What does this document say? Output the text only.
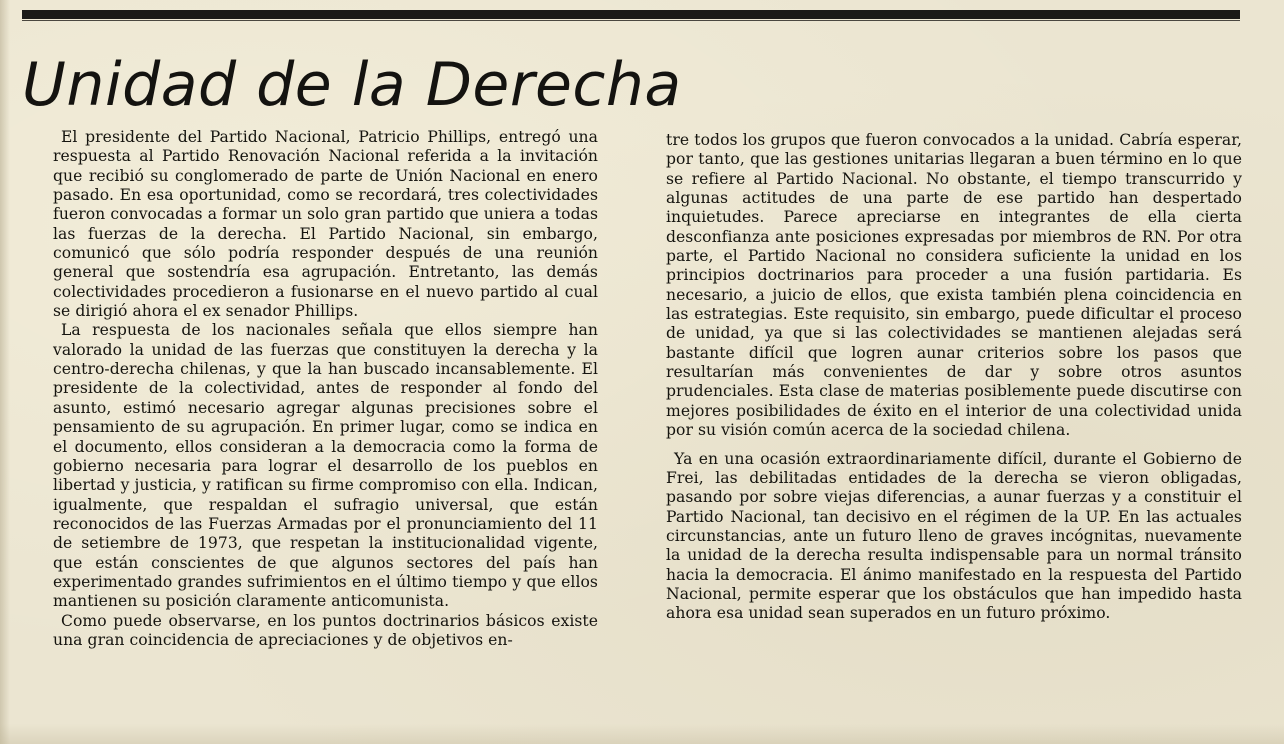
Unidad de la Derecha

El presidente del Partido Nacional, Patricio Phillips, entregó una respuesta al Partido Renovación Nacional referida a la invitación que recibió su conglomerado de parte de Unión Nacional en enero pasado. En esa oportunidad, como se recordará, tres colectividades fueron convocadas a formar un solo gran partido que uniera a todas las fuerzas de la derecha. El Partido Nacional, sin embargo, comunicó que sólo podría responder después de una reunión general que sostendría esa agrupación. Entretanto, las demás colectividades procedieron a fusionarse en el nuevo partido al cual se dirigió ahora el ex senador Phillips.

La respuesta de los nacionales señala que ellos siempre han valorado la unidad de las fuerzas que constituyen la derecha y la centro-derecha chilenas, y que la han buscado incansablemente. El presidente de la colectividad, antes de responder al fondo del asunto, estimó necesario agregar algunas precisiones sobre el pensamiento de su agrupación. En primer lugar, como se indica en el documento, ellos consideran a la democracia como la forma de gobierno necesaria para lograr el desarrollo de los pueblos en libertad y justicia, y ratifican su firme compromiso con ella. Indican, igualmente, que respaldan el sufragio universal, que están reconocidos de las Fuerzas Armadas por el pronunciamiento del 11 de setiembre de 1973, que respetan la institucionalidad vigente, que están conscientes de que algunos sectores del país han experimentado grandes sufrimientos en el último tiempo y que ellos mantienen su posición claramente anticomunista.

Como puede observarse, en los puntos doctrinarios básicos existe una gran coincidencia de apreciaciones y de objetivos en-

tre todos los grupos que fueron convocados a la unidad. Cabría esperar, por tanto, que las gestiones unitarias llegaran a buen término en lo que se refiere al Partido Nacional. No obstante, el tiempo transcurrido y algunas actitudes de una parte de ese partido han despertado inquietudes. Parece apreciarse en integrantes de ella cierta desconfianza ante posiciones expresadas por miembros de RN. Por otra parte, el Partido Nacional no considera suficiente la unidad en los principios doctrinarios para proceder a una fusión partidaria. Es necesario, a juicio de ellos, que exista también plena coincidencia en las estrategias. Este requisito, sin embargo, puede dificultar el proceso de unidad, ya que si las colectividades se mantienen alejadas será bastante difícil que logren aunar criterios sobre los pasos que resultarían más convenientes de dar y sobre otros asuntos prudenciales. Esta clase de materias posiblemente puede discutirse con mejores posibilidades de éxito en el interior de una colectividad unida por su visión común acerca de la sociedad chilena.

Ya en una ocasión extraordinariamente difícil, durante el Gobierno de Frei, las debilitadas entidades de la derecha se vieron obligadas, pasando por sobre viejas diferencias, a aunar fuerzas y a constituir el Partido Nacional, tan decisivo en el régimen de la UP. En las actuales circunstancias, ante un futuro lleno de graves incógnitas, nuevamente la unidad de la derecha resulta indispensable para un normal tránsito hacia la democracia. El ánimo manifestado en la respuesta del Partido Nacional, permite esperar que los obstáculos que han impedido hasta ahora esa unidad sean superados en un futuro próximo.
